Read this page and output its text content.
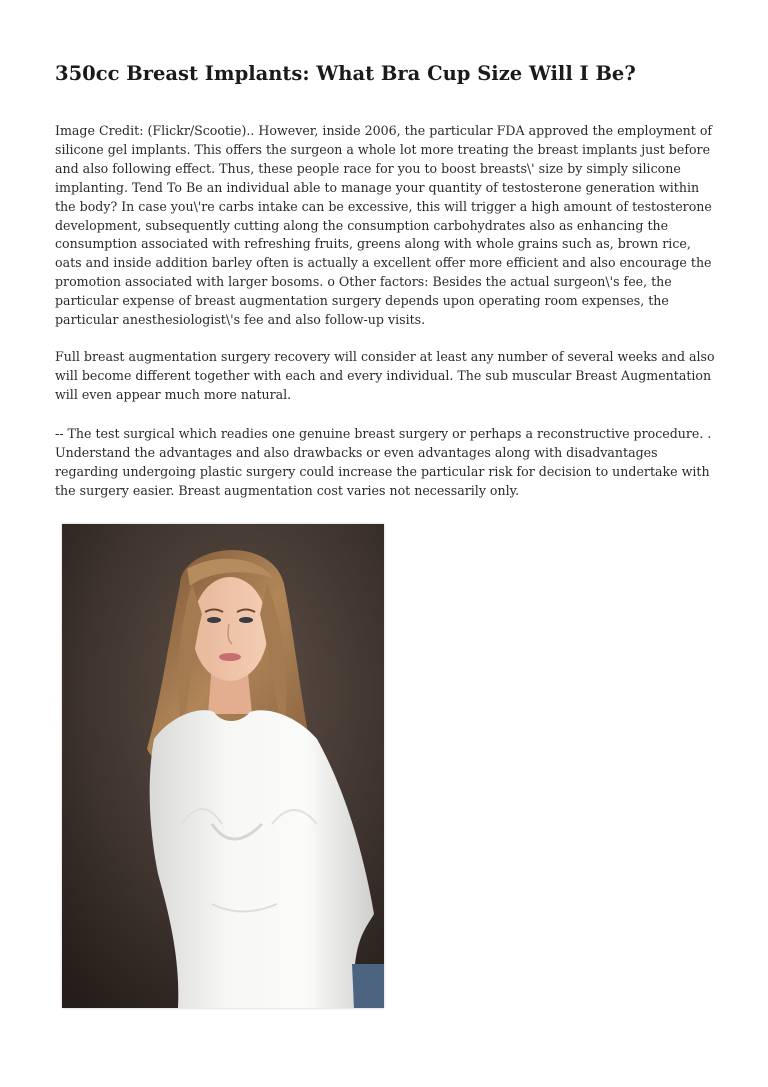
350cc Breast Implants: What Bra Cup Size Will I Be?

Image Credit: (Flickr/Scootie).. However, inside 2006, the particular FDA approved the employment of silicone gel implants. This offers the surgeon a whole lot more treating the breast implants just before and also following effect. Thus, these people race for you to boost breasts\' size by simply silicone implanting. Tend To Be an individual able to manage your quantity of testosterone generation within the body? In case you\'re carbs intake can be excessive, this will trigger a high amount of testosterone development, subsequently cutting along the consumption carbohydrates also as enhancing the consumption associated with refreshing fruits, greens along with whole grains such as, brown rice, oats and inside addition barley often is actually a excellent offer more efficient and also encourage the promotion associated with larger bosoms. o Other factors: Besides the actual surgeon\'s fee, the particular expense of breast augmentation surgery depends upon operating room expenses, the particular anesthesiologist\'s fee and also follow-up visits.

Full breast augmentation surgery recovery will consider at least any number of several weeks and also will become different together with each and every individual. The sub muscular Breast Augmentation will even appear much more natural.

-- The test surgical which readies one genuine breast surgery or perhaps a reconstructive procedure. . Understand the advantages and also drawbacks or even advantages along with disadvantages regarding undergoing plastic surgery could increase the particular risk for decision to undertake with the surgery easier. Breast augmentation cost varies not necessarily only.
